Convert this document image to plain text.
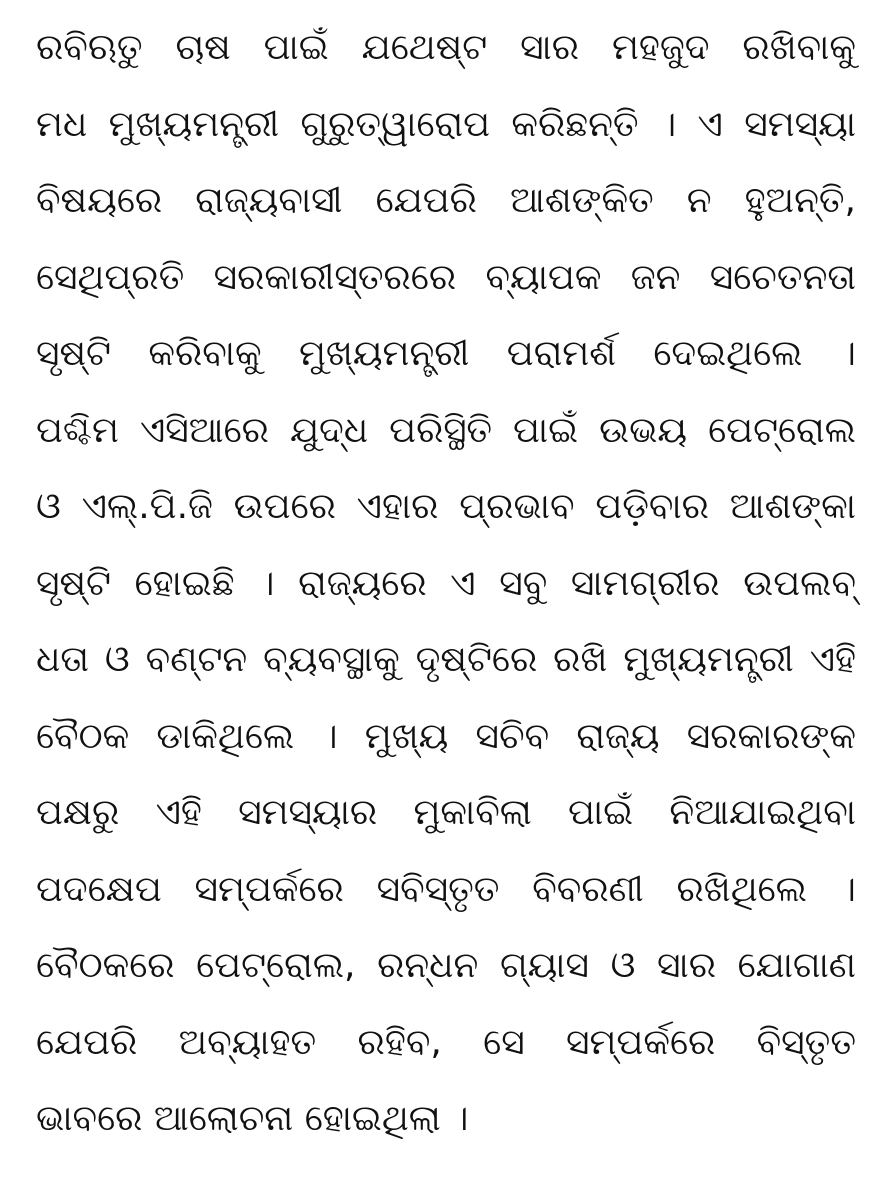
ରବିଋତୁ ଚାଷ ପାଇଁ ଯଥେଷ୍ଟ ସାର ମହଜୁଦ ରଖିବାକୁ
ମଧ ମୁଖ୍ୟମନ୍ତ୍ରୀ ଗୁରୁତ୍ୱାରୋପ କରିଛନ୍ତି । ଏ ସମସ୍ୟା
ବିଷୟରେ ରାଜ୍ୟବାସୀ ଯେପରି ଆଶଙ୍କିତ ନ ହୁଅନ୍ତି,
ସେଥିପ୍ରତି ସରକାରୀସ୍ତରରେ ବ୍ୟାପକ ଜନ ସଚେତନତା
ସୃଷ୍ଟି କରିବାକୁ ମୁଖ୍ୟମନ୍ତ୍ରୀ ପରାମର୍ଶ ଦେଇଥିଲେ ।
ପଶ୍ଚିମ ଏସିଆରେ ଯୁଦ୍ଧ ପରିସ୍ଥିତି ପାଇଁ ଉଭୟ ପେଟ୍ରୋଲ
ଓ ଏଲ୍.ପି.ଜି ଉପରେ ଏହାର ପ୍ରଭାବ ପଡ଼ିବାର ଆଶଙ୍କା
ସୃଷ୍ଟି ହୋଇଛି । ରାଜ୍ୟରେ ଏ ସବୁ ସାମଗ୍ରୀର ଉପଲବ୍
ଧତା ଓ ବଣ୍ଟନ ବ୍ୟବସ୍ଥାକୁ ଦୃଷ୍ଟିରେ ରଖି ମୁଖ୍ୟମନ୍ତ୍ରୀ ଏହି
ବୈଠକ ଡାକିଥିଲେ । ମୁଖ୍ୟ ସଚିବ ରାଜ୍ୟ ସରକାରଙ୍କ
ପକ୍ଷରୁ ଏହି ସମସ୍ୟାର ମୁକାବିଲା ପାଇଁ ନିଆଯାଇଥିବା
ପଦକ୍ଷେପ ସମ୍ପର୍କରେ ସବିସ୍ତୃତ ବିବରଣୀ ରଖିଥିଲେ ।
ବୈଠକରେ ପେଟ୍ରୋଲ, ରନ୍ଧନ ଗ୍ୟାସ ଓ ସାର ଯୋଗାଣ
ଯେପରି ଅବ୍ୟାହତ ରହିବ, ସେ ସମ୍ପର୍କରେ ବିସ୍ତୃତ
ଭାବରେ ଆଲୋଚନା ହୋଇଥିଲା ।
